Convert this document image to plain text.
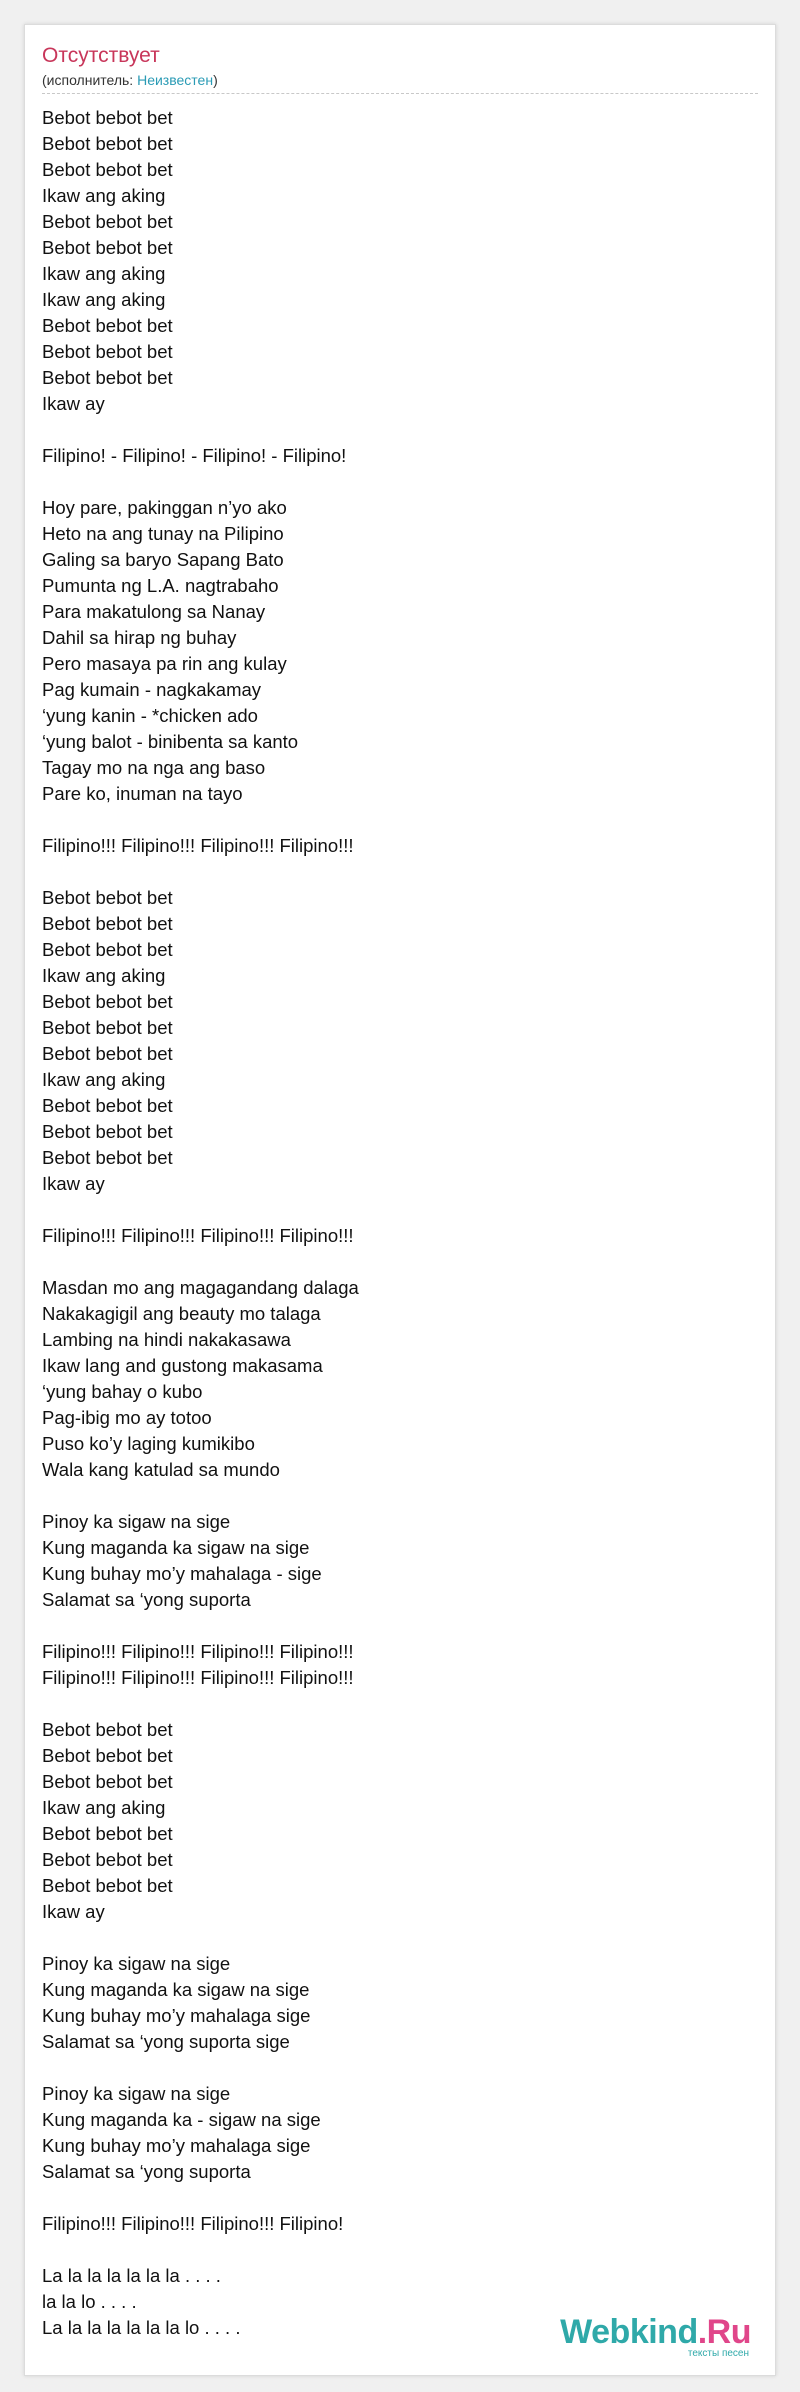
Отсутствует
(исполнитель: Неизвестен)
Bebot bebot bet
Bebot bebot bet
Bebot bebot bet
Ikaw ang aking
Bebot bebot bet
Bebot bebot bet
Ikaw ang aking
Ikaw ang aking
Bebot bebot bet
Bebot bebot bet
Bebot bebot bet
Ikaw ay
Filipino! - Filipino! - Filipino! - Filipino!
Hoy pare, pakinggan n’yo ako
Heto na ang tunay na Pilipino
Galing sa baryo Sapang Bato
Pumunta ng L.A. nagtrabaho
Para makatulong sa Nanay
Dahil sa hirap ng buhay
Pero masaya pa rin ang kulay
Pag kumain - nagkakamay
‘yung kanin - *chicken ado
‘yung balot - binibenta sa kanto
Tagay mo na nga ang baso
Pare ko, inuman na tayo
Filipino!!! Filipino!!! Filipino!!! Filipino!!!
Bebot bebot bet
Bebot bebot bet
Bebot bebot bet
Ikaw ang aking
Bebot bebot bet
Bebot bebot bet
Bebot bebot bet
Ikaw ang aking
Bebot bebot bet
Bebot bebot bet
Bebot bebot bet
Ikaw ay
Filipino!!! Filipino!!! Filipino!!! Filipino!!!
Masdan mo ang magagandang dalaga
Nakakagigil ang beauty mo talaga
Lambing na hindi nakakasawa
Ikaw lang and gustong makasama
‘yung bahay o kubo
Pag-ibig mo ay totoo
Puso ko’y laging kumikibo
Wala kang katulad sa mundo
Pinoy ka sigaw na sige
Kung maganda ka sigaw na sige
Kung buhay mo’y mahalaga - sige
Salamat sa ‘yong suporta
Filipino!!! Filipino!!! Filipino!!! Filipino!!!
Filipino!!! Filipino!!! Filipino!!! Filipino!!!
Bebot bebot bet
Bebot bebot bet
Bebot bebot bet
Ikaw ang aking
Bebot bebot bet
Bebot bebot bet
Bebot bebot bet
Ikaw ay
Pinoy ka sigaw na sige
Kung maganda ka sigaw na sige
Kung buhay mo’y mahalaga sige
Salamat sa ‘yong suporta sige
Pinoy ka sigaw na sige
Kung maganda ka - sigaw na sige
Kung buhay mo’y mahalaga sige
Salamat sa ‘yong suporta
Filipino!!! Filipino!!! Filipino!!! Filipino!
La la la la la la la . . . .
la la lo . . . .
La la la la la la la lo . . . .	Webkind.Ru
тексты песен
